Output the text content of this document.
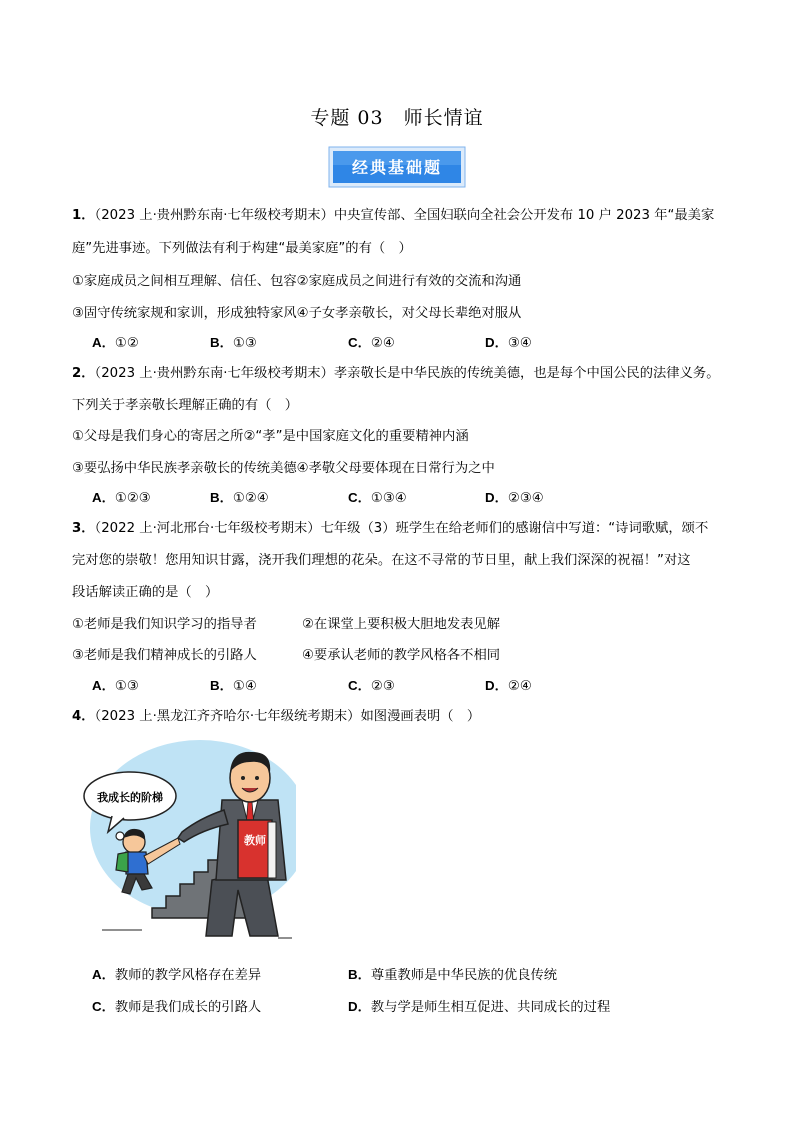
专题 03　师长情谊
经典基础题
1．（2023 上·贵州黔东南·七年级校考期末）中央宣传部、全国妇联向全社会公开发布 10 户 2023 年“最美家
庭”先进事迹。下列做法有利于构建“最美家庭”的有（　）
①家庭成员之间相互理解、信任、包容②家庭成员之间进行有效的交流和沟通
③固守传统家规和家训，形成独特家风④子女孝亲敬长，对父母长辈绝对服从
A．①②	B．①③	C．②④	D．③④
2．（2023 上·贵州黔东南·七年级校考期末）孝亲敬长是中华民族的传统美德，也是每个中国公民的法律义务。
下列关于孝亲敬长理解正确的有（　）
①父母是我们身心的寄居之所②“孝”是中国家庭文化的重要精神内涵
③要弘扬中华民族孝亲敬长的传统美德④孝敬父母要体现在日常行为之中
A．①②③	B．①②④	C．①③④	D．②③④
3．（2022 上·河北邢台·七年级校考期末）七年级（3）班学生在给老师们的感谢信中写道：“诗词歌赋，颂不
完对您的崇敬！您用知识甘露，浇开我们理想的花朵。在这不寻常的节日里，献上我们深深的祝福！”对这
段话解读正确的是（　）
①老师是我们知识学习的指导者	②在课堂上要积极大胆地发表见解
③老师是我们精神成长的引路人	④要承认老师的教学风格各不相同
A．①③	B．①④	C．②③	D．②④
4．（2023 上·黑龙江齐齐哈尔·七年级统考期末）如图漫画表明（　）
A．教师的教学风格存在差异	B．尊重教师是中华民族的优良传统
C．教师是我们成长的引路人	D．教与学是师生相互促进、共同成长的过程
我成长的阶梯
教师
